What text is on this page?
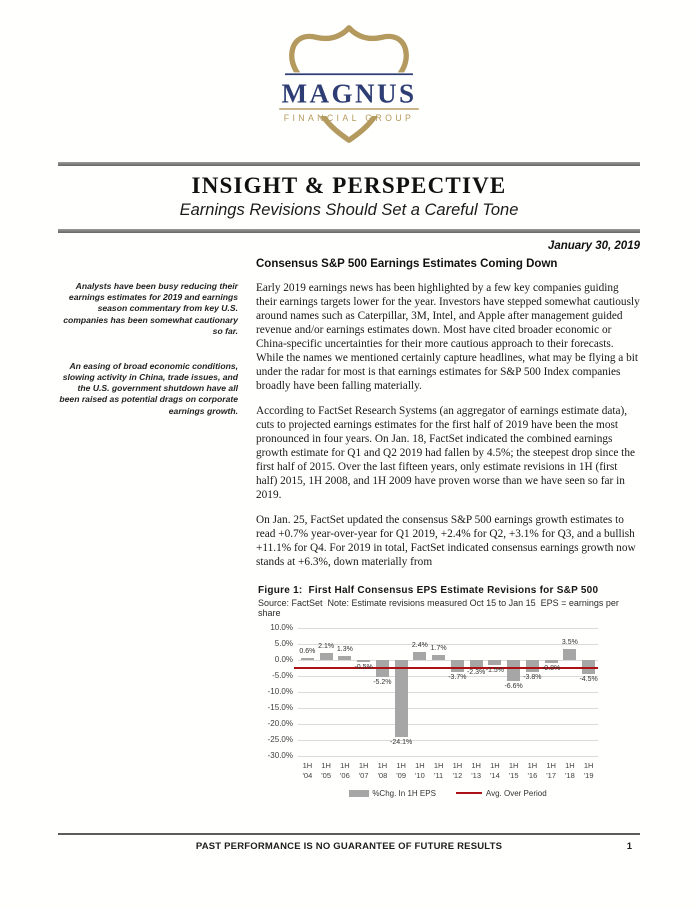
MAGNUS
FINANCIAL GROUP
INSIGHT & PERSPECTIVE
Earnings Revisions Should Set a Careful Tone
January 30, 2019

Analysts have been busy reducing their earnings estimates for 2019 and earnings season commentary from key U.S. companies has been somewhat cautionary so far.

An easing of broad economic conditions, slowing activity in China, trade issues, and the U.S. government shutdown have all been raised as potential drags on corporate earnings growth.

Consensus S&P 500 Earnings Estimates Coming Down

Early 2019 earnings news has been highlighted by a few key companies guiding their earnings targets lower for the year. Investors have stepped somewhat cautiously around names such as Caterpillar, 3M, Intel, and Apple after management guided revenue and/or earnings estimates down. Most have cited broader economic or China-specific uncertainties for their more cautious approach to their forecasts. While the names we mentioned certainly capture headlines, what may be flying a bit under the radar for most is that earnings estimates for S&P 500 Index companies broadly have been falling materially.

According to FactSet Research Systems (an aggregator of earnings estimate data), cuts to projected earnings estimates for the first half of 2019 have been the most pronounced in four years. On Jan. 18, FactSet indicated the combined earnings growth estimate for Q1 and Q2 2019 had fallen by 4.5%; the steepest drop since the first half of 2015. Over the last fifteen years, only estimate revisions in 1H (first half) 2015, 1H 2008, and 1H 2009 have proven worse than we have seen so far in 2019.

On Jan. 25, FactSet updated the consensus S&P 500 earnings growth estimates to read +0.7% year-over-year for Q1 2019, +2.4% for Q2, +3.1% for Q3, and a bullish +11.1% for Q4. For 2019 in total, FactSet indicated consensus earnings growth now stands at +6.3%, down materially from

Figure 1:  First Half Consensus EPS Estimate Revisions for S&P 500
Source: FactSet  Note: Estimate revisions measured Oct 15 to Jan 15  EPS = earnings per share
10.0%
5.0%
0.0%
-5.0%
-10.0%
-15.0%
-20.0%
-25.0%
-30.0%
0.6%
2.1% 1.3%
-0.5%
-5.2%
-24.1%
2.4% 1.7%
-3.7%
-2.3% -1.5%
-6.6%
-3.8%
-0.8%
3.5%
-4.5%
1H
'04
1H
'05
1H
'06
1H
'07
1H
'08
1H
'09
1H
'10
1H
'11
1H
'12
1H
'13
1H
'14
1H
'15
1H
'16
1H
'17
1H
'18
1H
'19
%Chg. In 1H EPS	Avg. Over Period
PAST PERFORMANCE IS NO GUARANTEE OF FUTURE RESULTS	1
